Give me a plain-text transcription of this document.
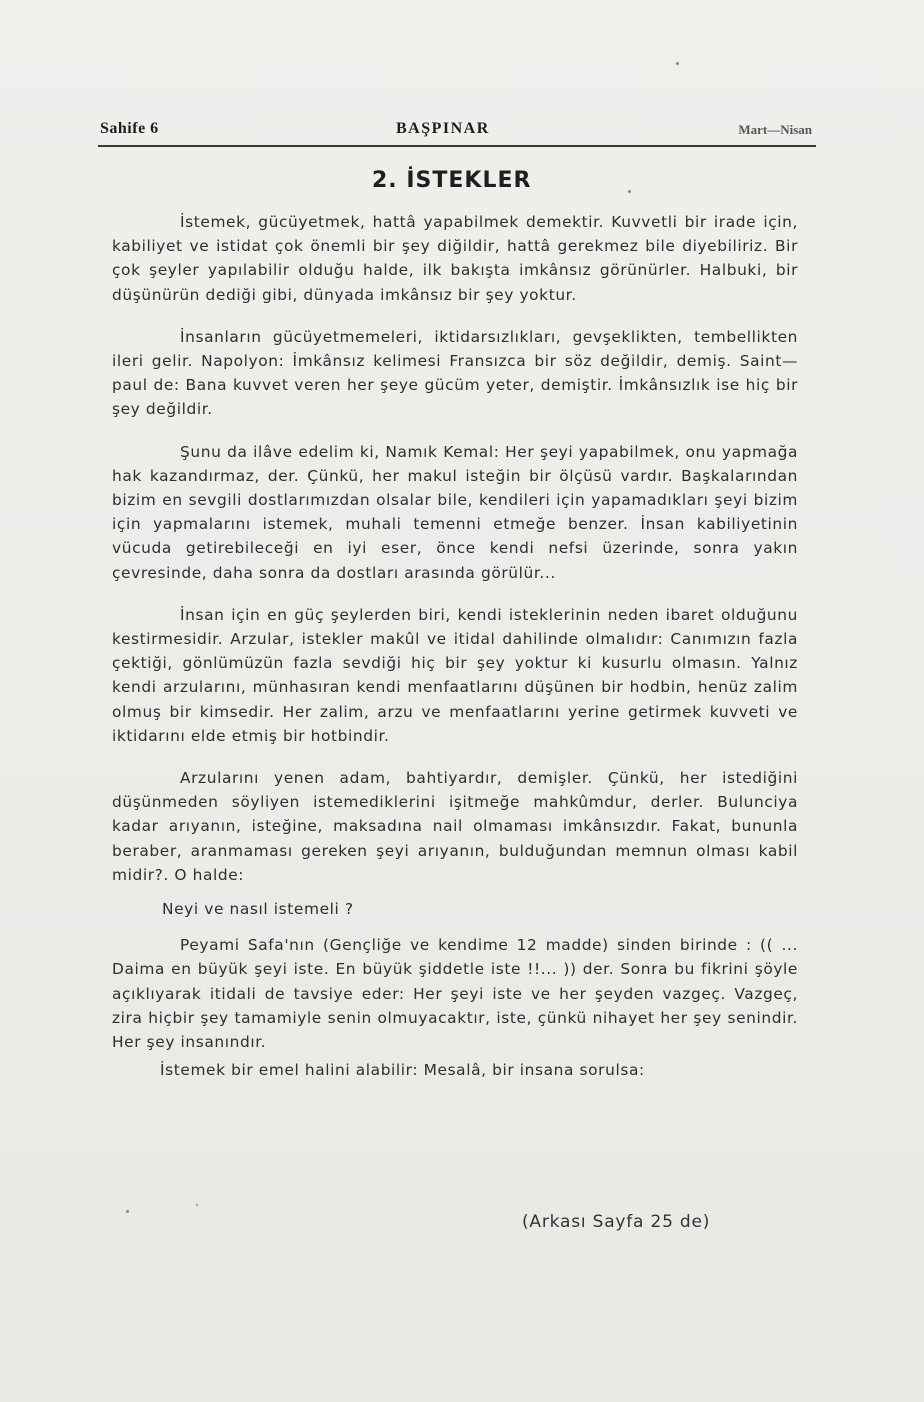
Sahife 6	BAŞPINAR	Mart—Nisan
2. İSTEKLER

İstemek, gücüyetmek, hattâ yapabilmek demektir. Kuvvetli bir irade için, kabiliyet ve istidat çok önemli bir şey diğildir, hattâ gerekmez bile diyebiliriz. Bir çok şeyler yapılabilir olduğu halde, ilk bakışta imkânsız görünürler. Halbuki, bir düşünürün dediği gibi, dünyada imkânsız bir şey yoktur.

İnsanların gücüyetmemeleri, iktidarsızlıkları, gevşeklikten, tembellikten ileri gelir. Napolyon: İmkânsız kelimesi Fransızca bir söz değildir, demiş. Saint—paul de: Bana kuvvet veren her şeye gücüm yeter, demiştir. İmkânsızlık ise hiç bir şey değildir.

Şunu da ilâve edelim ki, Namık Kemal: Her şeyi yapabilmek, onu yapmağa hak kazandırmaz, der. Çünkü, her makul isteğin bir ölçüsü vardır. Başkalarından bizim en sevgili dostlarımızdan olsalar bile, kendileri için yapamadıkları şeyi bizim için yapmalarını istemek, muhali temenni etmeğe benzer. İnsan kabiliyetinin vücuda getirebileceği en iyi eser, önce kendi nefsi üzerinde, sonra yakın çevresinde, daha sonra da dostları arasında görülür...

İnsan için en güç şeylerden biri, kendi isteklerinin neden ibaret olduğunu kestirmesidir. Arzular, istekler makûl ve itidal dahilinde olmalıdır: Canımızın fazla çektiği, gönlümüzün fazla sevdiği hiç bir şey yoktur ki kusurlu olmasın. Yalnız kendi arzularını, münhasıran kendi menfaatlarını düşünen bir hodbin, henüz zalim olmuş bir kimsedir. Her zalim, arzu ve menfaatlarını yerine getirmek kuvveti ve iktidarını elde etmiş bir hotbindir.

Arzularını yenen adam, bahtiyardır, demişler. Çünkü, her istediğini düşünmeden söyliyen istemediklerini işitmeğe mahkûmdur, derler. Bulunciya kadar arıyanın, isteğine, maksadına nail olmaması imkânsızdır. Fakat, bununla beraber, aranmaması gereken şeyi arıyanın, bulduğundan memnun olması kabil midir?. O halde:

Neyi ve nasıl istemeli ?

Peyami Safa'nın (Gençliğe ve kendime 12 madde) sinden birinde : (( ... Daima en büyük şeyi iste. En büyük şiddetle iste !!... )) der. Sonra bu fikrini şöyle açıklıyarak itidali de tavsiye eder: Her şeyi iste ve her şeyden vazgeç. Vazgeç, zira hiçbir şey tamamiyle senin olmuyacaktır, iste, çünkü nihayet her şey senindir. Her şey insanındır.

İstemek bir emel halini alabilir: Mesalâ, bir insana sorulsa:

(Arkası Sayfa 25 de)
